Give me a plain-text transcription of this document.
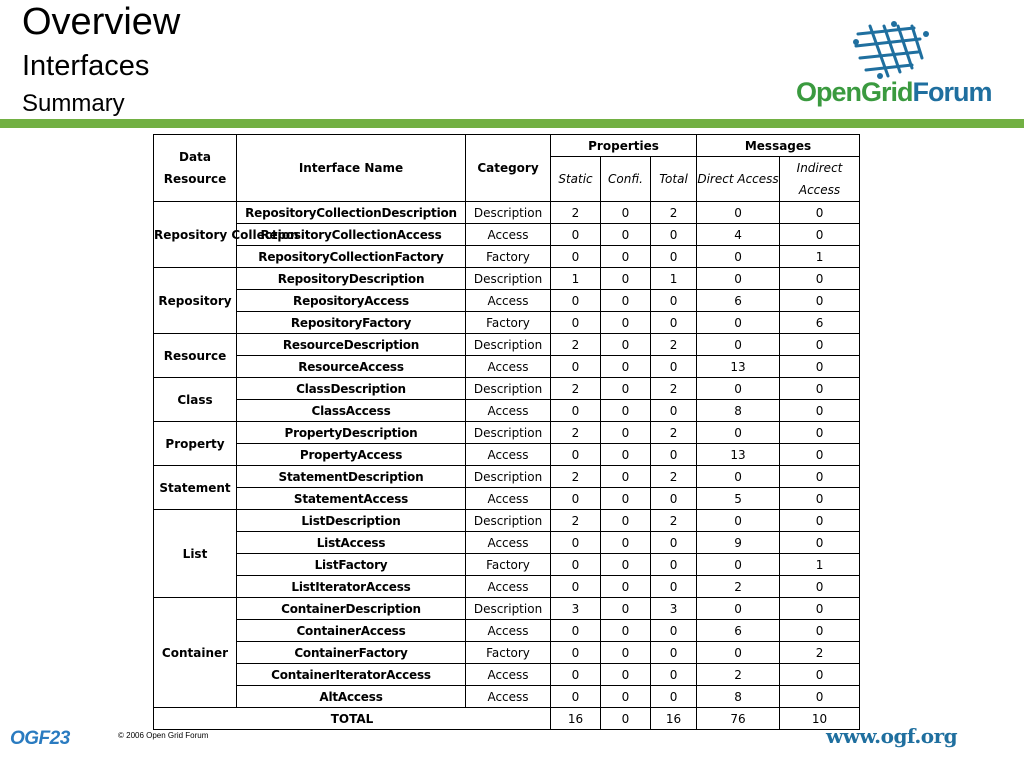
Overview
Interfaces
Summary	OpenGridForum
Data Resource	Interface Name	Category	Properties			Messages	
			Static	Confi.	Total	Direct Access	Indirect Access
Repository Collection	RepositoryCollectionDescription	Description	2	0	2	0	0
	RepositoryCollectionAccess	Access	0	0	0	4	0
	RepositoryCollectionFactory	Factory	0	0	0	0	1
Repository	RepositoryDescription	Description	1	0	1	0	0
	RepositoryAccess	Access	0	0	0	6	0
	RepositoryFactory	Factory	0	0	0	0	6
Resource	ResourceDescription	Description	2	0	2	0	0
	ResourceAccess	Access	0	0	0	13	0
Class	ClassDescription	Description	2	0	2	0	0
	ClassAccess	Access	0	0	0	8	0
Property	PropertyDescription	Description	2	0	2	0	0
	PropertyAccess	Access	0	0	0	13	0
Statement	StatementDescription	Description	2	0	2	0	0
	StatementAccess	Access	0	0	0	5	0
List	ListDescription	Description	2	0	2	0	0
	ListAccess	Access	0	0	0	9	0
	ListFactory	Factory	0	0	0	0	1
	ListIteratorAccess	Access	0	0	0	2	0
Container	ContainerDescription	Description	3	0	3	0	0
	ContainerAccess	Access	0	0	0	6	0
	ContainerFactory	Factory	0	0	0	0	2
	ContainerIteratorAccess	Access	0	0	0	2	0
	AltAccess	Access	0	0	0	8	0
TOTAL			16	0	16	76	10
OGF23	© 2006 Open Grid Forum	www.ogf.org
